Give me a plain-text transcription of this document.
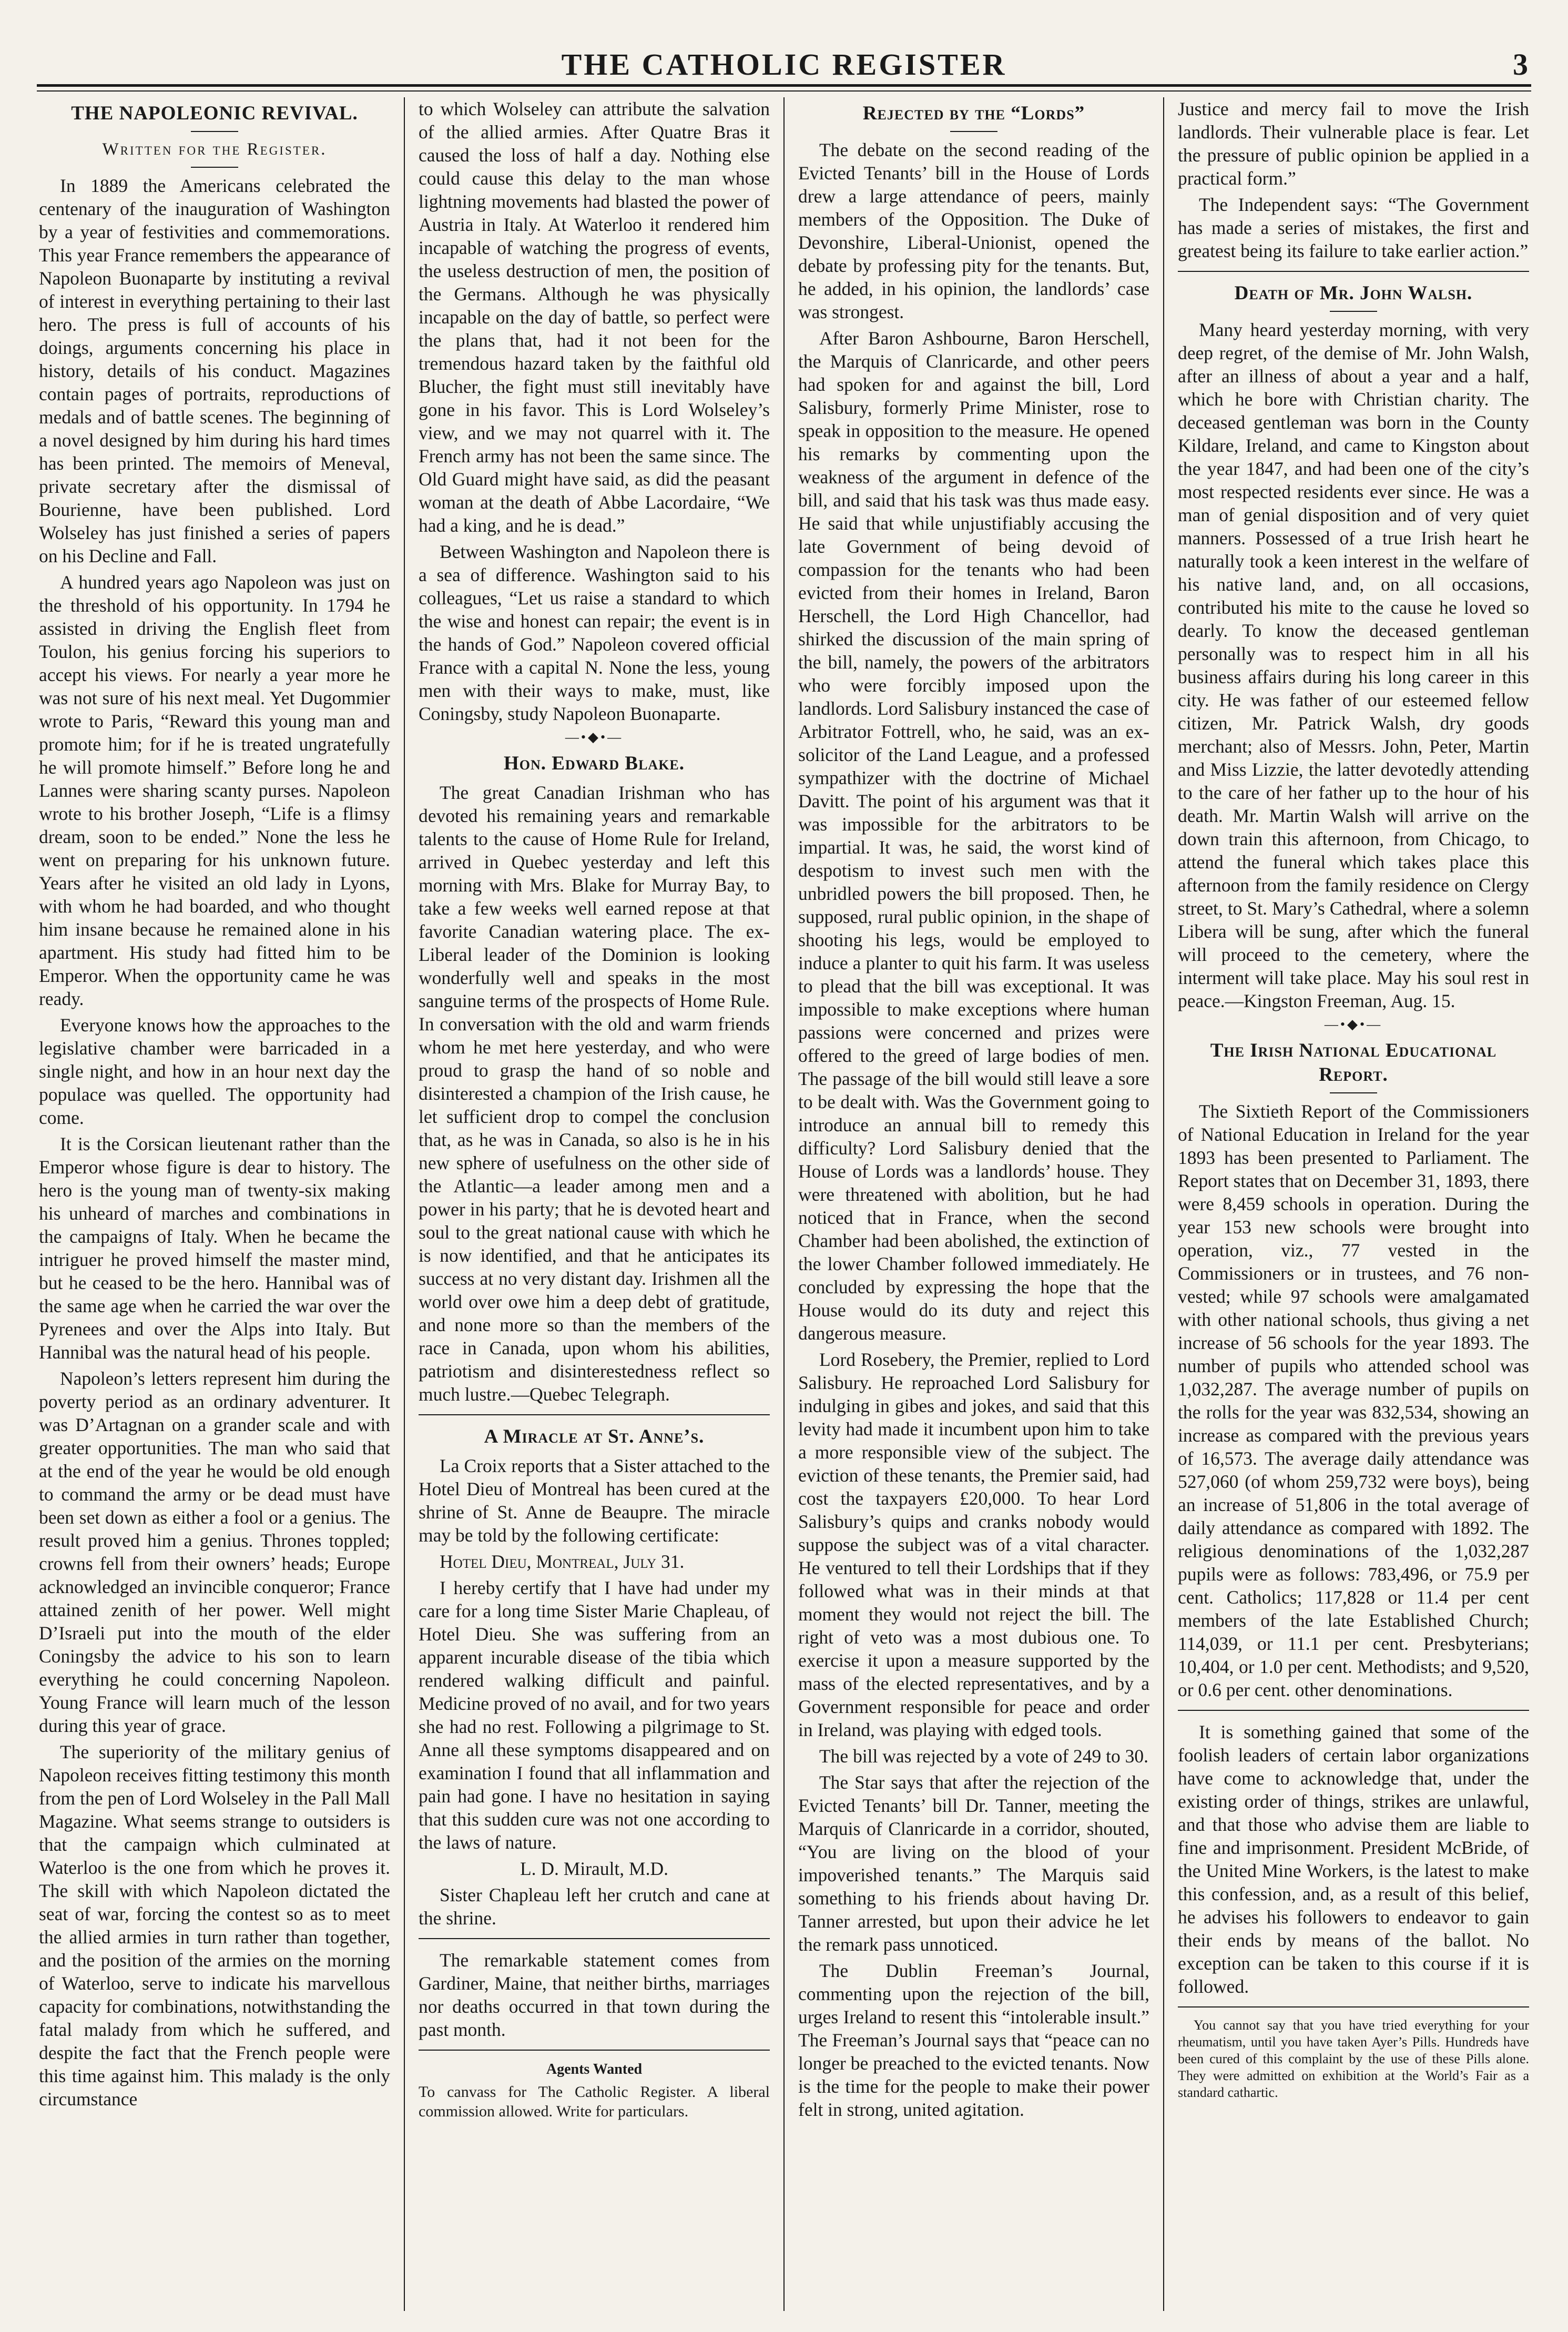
THE CATHOLIC REGISTER	3
THE NAPOLEONIC REVIVAL.
Written for the Register.

In 1889 the Americans celebrated the centenary of the inauguration of Washington by a year of festivities and commemorations. This year France remembers the appearance of Napoleon Buonaparte by instituting a revival of interest in everything pertaining to their last hero. The press is full of accounts of his doings, arguments concerning his place in history, details of his conduct. Magazines contain pages of portraits, reproductions of medals and of battle scenes. The beginning of a novel designed by him during his hard times has been printed. The memoirs of Meneval, private secretary after the dismissal of Bourienne, have been published. Lord Wolseley has just finished a series of papers on his Decline and Fall.

A hundred years ago Napoleon was just on the threshold of his opportunity. In 1794 he assisted in driving the English fleet from Toulon, his genius forcing his superiors to accept his views. For nearly a year more he was not sure of his next meal. Yet Dugommier wrote to Paris, “Reward this young man and promote him; for if he is treated ungratefully he will promote himself.” Before long he and Lannes were sharing scanty purses. Napoleon wrote to his brother Joseph, “Life is a flimsy dream, soon to be ended.” None the less he went on preparing for his unknown future. Years after he visited an old lady in Lyons, with whom he had boarded, and who thought him insane because he remained alone in his apartment. His study had fitted him to be Emperor. When the opportunity came he was ready.

Everyone knows how the approaches to the legislative chamber were barricaded in a single night, and how in an hour next day the populace was quelled. The opportunity had come.

It is the Corsican lieutenant rather than the Emperor whose figure is dear to history. The hero is the young man of twenty-six making his unheard of marches and combinations in the campaigns of Italy. When he became the intriguer he proved himself the master mind, but he ceased to be the hero. Hannibal was of the same age when he carried the war over the Pyrenees and over the Alps into Italy. But Hannibal was the natural head of his people.

Napoleon’s letters represent him during the poverty period as an ordinary adventurer. It was D’Artagnan on a grander scale and with greater opportunities. The man who said that at the end of the year he would be old enough to command the army or be dead must have been set down as either a fool or a genius. The result proved him a genius. Thrones toppled; crowns fell from their owners’ heads; Europe acknowledged an invincible conqueror; France attained zenith of her power. Well might D’Israeli put into the mouth of the elder Coningsby the advice to his son to learn everything he could concerning Napoleon. Young France will learn much of the lesson during this year of grace.

The superiority of the military genius of Napoleon receives fitting testimony this month from the pen of Lord Wolseley in the Pall Mall Magazine. What seems strange to outsiders is that the campaign which culminated at Waterloo is the one from which he proves it. The skill with which Napoleon dictated the seat of war, forcing the contest so as to meet the allied armies in turn rather than together, and the position of the armies on the morning of Waterloo, serve to indicate his marvellous capacity for combinations, notwithstanding the fatal malady from which he suffered, and despite the fact that the French people were this time against him. This malady is the only circumstance

to which Wolseley can attribute the salvation of the allied armies. After Quatre Bras it caused the loss of half a day. Nothing else could cause this delay to the man whose lightning movements had blasted the power of Austria in Italy. At Waterloo it rendered him incapable of watching the progress of events, the useless destruction of men, the position of the Germans. Although he was physically incapable on the day of battle, so perfect were the plans that, had it not been for the tremendous hazard taken by the faithful old Blucher, the fight must still inevitably have gone in his favor. This is Lord Wolseley’s view, and we may not quarrel with it. The French army has not been the same since. The Old Guard might have said, as did the peasant woman at the death of Abbe Lacordaire, “We had a king, and he is dead.”

Between Washington and Napoleon there is a sea of difference. Washington said to his colleagues, “Let us raise a standard to which the wise and honest can repair; the event is in the hands of God.” Napoleon covered official France with a capital N. None the less, young men with their ways to make, must, like Coningsby, study Napoleon Buonaparte.

—•◆•—
Hon. Edward Blake.

The great Canadian Irishman who has devoted his remaining years and remarkable talents to the cause of Home Rule for Ireland, arrived in Quebec yesterday and left this morning with Mrs. Blake for Murray Bay, to take a few weeks well earned repose at that favorite Canadian watering place. The ex-Liberal leader of the Dominion is looking wonderfully well and speaks in the most sanguine terms of the prospects of Home Rule. In conversation with the old and warm friends whom he met here yesterday, and who were proud to grasp the hand of so noble and disinterested a champion of the Irish cause, he let sufficient drop to compel the conclusion that, as he was in Canada, so also is he in his new sphere of usefulness on the other side of the Atlantic—a leader among men and a power in his party; that he is devoted heart and soul to the great national cause with which he is now identified, and that he anticipates its success at no very distant day. Irishmen all the world over owe him a deep debt of gratitude, and none more so than the members of the race in Canada, upon whom his abilities, patriotism and disinterestedness reflect so much lustre.—Quebec Telegraph.

A Miracle at St. Anne’s.

La Croix reports that a Sister attached to the Hotel Dieu of Montreal has been cured at the shrine of St. Anne de Beaupre. The miracle may be told by the following certificate:

Hotel Dieu, Montreal, July 31.

I hereby certify that I have had under my care for a long time Sister Marie Chapleau, of Hotel Dieu. She was suffering from an apparent incurable disease of the tibia which rendered walking difficult and painful. Medicine proved of no avail, and for two years she had no rest. Following a pilgrimage to St. Anne all these symptoms disappeared and on examination I found that all inflammation and pain had gone. I have no hesitation in saying that this sudden cure was not one according to the laws of nature.

L. D. Mirault, M.D.

Sister Chapleau left her crutch and cane at the shrine.

The remarkable statement comes from Gardiner, Maine, that neither births, marriages nor deaths occurred in that town during the past month.

Agents Wanted

To canvass for The Catholic Register. A liberal commission allowed. Write for particulars.

Rejected by the “Lords”

The debate on the second reading of the Evicted Tenants’ bill in the House of Lords drew a large attendance of peers, mainly members of the Opposition. The Duke of Devonshire, Liberal-Unionist, opened the debate by professing pity for the tenants. But, he added, in his opinion, the landlords’ case was strongest.

After Baron Ashbourne, Baron Herschell, the Marquis of Clanricarde, and other peers had spoken for and against the bill, Lord Salisbury, formerly Prime Minister, rose to speak in opposition to the measure. He opened his remarks by commenting upon the weakness of the argument in defence of the bill, and said that his task was thus made easy. He said that while unjustifiably accusing the late Government of being devoid of compassion for the tenants who had been evicted from their homes in Ireland, Baron Herschell, the Lord High Chancellor, had shirked the discussion of the main spring of the bill, namely, the powers of the arbitrators who were forcibly imposed upon the landlords. Lord Salisbury instanced the case of Arbitrator Fottrell, who, he said, was an ex-solicitor of the Land League, and a professed sympathizer with the doctrine of Michael Davitt. The point of his argument was that it was impossible for the arbitrators to be impartial. It was, he said, the worst kind of despotism to invest such men with the unbridled powers the bill proposed. Then, he supposed, rural public opinion, in the shape of shooting his legs, would be employed to induce a planter to quit his farm. It was useless to plead that the bill was exceptional. It was impossible to make exceptions where human passions were concerned and prizes were offered to the greed of large bodies of men. The passage of the bill would still leave a sore to be dealt with. Was the Government going to introduce an annual bill to remedy this difficulty? Lord Salisbury denied that the House of Lords was a landlords’ house. They were threatened with abolition, but he had noticed that in France, when the second Chamber had been abolished, the extinction of the lower Chamber followed immediately. He concluded by expressing the hope that the House would do its duty and reject this dangerous measure.

Lord Rosebery, the Premier, replied to Lord Salisbury. He reproached Lord Salisbury for indulging in gibes and jokes, and said that this levity had made it incumbent upon him to take a more responsible view of the subject. The eviction of these tenants, the Premier said, had cost the taxpayers £20,000. To hear Lord Salisbury’s quips and cranks nobody would suppose the subject was of a vital character. He ventured to tell their Lordships that if they followed what was in their minds at that moment they would not reject the bill. The right of veto was a most dubious one. To exercise it upon a measure supported by the mass of the elected representatives, and by a Government responsible for peace and order in Ireland, was playing with edged tools.

The bill was rejected by a vote of 249 to 30.

The Star says that after the rejection of the Evicted Tenants’ bill Dr. Tanner, meeting the Marquis of Clanricarde in a corridor, shouted, “You are living on the blood of your impoverished tenants.” The Marquis said something to his friends about having Dr. Tanner arrested, but upon their advice he let the remark pass unnoticed.

The Dublin Freeman’s Journal, commenting upon the rejection of the bill, urges Ireland to resent this “intolerable insult.” The Freeman’s Journal says that “peace can no longer be preached to the evicted tenants. Now is the time for the people to make their power felt in strong, united agitation.

Justice and mercy fail to move the Irish landlords. Their vulnerable place is fear. Let the pressure of public opinion be applied in a practical form.”

The Independent says: “The Government has made a series of mistakes, the first and greatest being its failure to take earlier action.”

Death of Mr. John Walsh.

Many heard yesterday morning, with very deep regret, of the demise of Mr. John Walsh, after an illness of about a year and a half, which he bore with Christian charity. The deceased gentleman was born in the County Kildare, Ireland, and came to Kingston about the year 1847, and had been one of the city’s most respected residents ever since. He was a man of genial disposition and of very quiet manners. Possessed of a true Irish heart he naturally took a keen interest in the welfare of his native land, and, on all occasions, contributed his mite to the cause he loved so dearly. To know the deceased gentleman personally was to respect him in all his business affairs during his long career in this city. He was father of our esteemed fellow citizen, Mr. Patrick Walsh, dry goods merchant; also of Messrs. John, Peter, Martin and Miss Lizzie, the latter devotedly attending to the care of her father up to the hour of his death. Mr. Martin Walsh will arrive on the down train this afternoon, from Chicago, to attend the funeral which takes place this afternoon from the family residence on Clergy street, to St. Mary’s Cathedral, where a solemn Libera will be sung, after which the funeral will proceed to the cemetery, where the interment will take place. May his soul rest in peace.—Kingston Freeman, Aug. 15.

—•◆•—
The Irish National Educational Report.

The Sixtieth Report of the Commissioners of National Education in Ireland for the year 1893 has been presented to Parliament. The Report states that on December 31, 1893, there were 8,459 schools in operation. During the year 153 new schools were brought into operation, viz., 77 vested in the Commissioners or in trustees, and 76 non-vested; while 97 schools were amalgamated with other national schools, thus giving a net increase of 56 schools for the year 1893. The number of pupils who attended school was 1,032,287. The average number of pupils on the rolls for the year was 832,534, showing an increase as compared with the previous years of 16,573. The average daily attendance was 527,060 (of whom 259,732 were boys), being an increase of 51,806 in the total average of daily attendance as compared with 1892. The religious denominations of the 1,032,287 pupils were as follows: 783,496, or 75.9 per cent. Catholics; 117,828 or 11.4 per cent members of the late Established Church; 114,039, or 11.1 per cent. Presbyterians; 10,404, or 1.0 per cent. Methodists; and 9,520, or 0.6 per cent. other denominations.

It is something gained that some of the foolish leaders of certain labor organizations have come to acknowledge that, under the existing order of things, strikes are unlawful, and that those who advise them are liable to fine and imprisonment. President McBride, of the United Mine Workers, is the latest to make this confession, and, as a result of this belief, he advises his followers to endeavor to gain their ends by means of the ballot. No exception can be taken to this course if it is followed.

You cannot say that you have tried everything for your rheumatism, until you have taken Ayer’s Pills. Hundreds have been cured of this complaint by the use of these Pills alone. They were admitted on exhibition at the World’s Fair as a standard cathartic.
